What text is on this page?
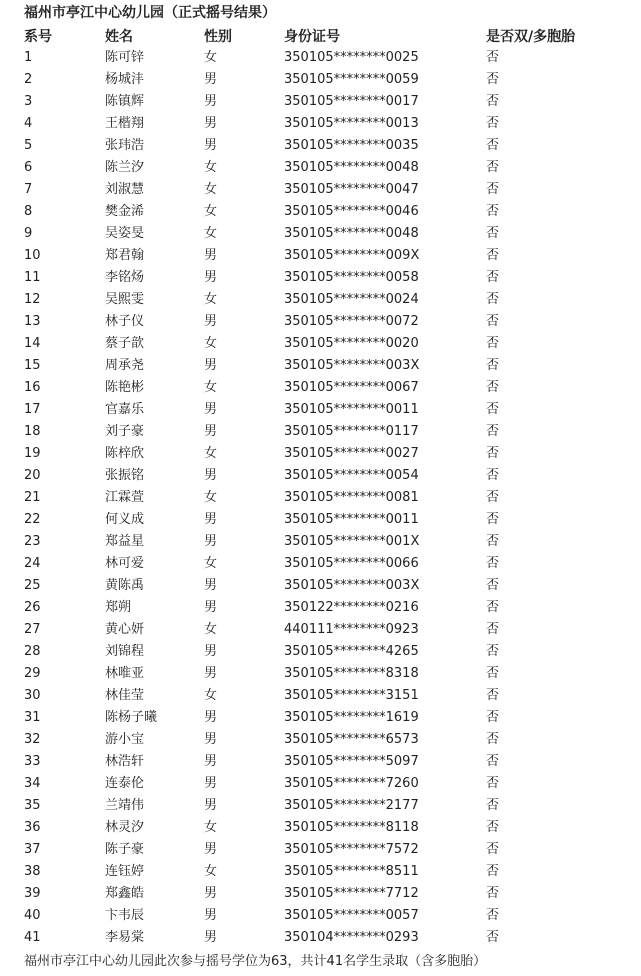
福州市亭江中心幼儿园（正式摇号结果）
系号	姓名	性别	身份证号	是否双/多胞胎
1	陈可锌	女	350105********0025	否
2	杨城沣	男	350105********0059	否
3	陈镇辉	男	350105********0017	否
4	王楷翔	男	350105********0013	否
5	张玮浩	男	350105********0035	否
6	陈兰汐	女	350105********0048	否
7	刘淑慧	女	350105********0047	否
8	樊金浠	女	350105********0046	否
9	吴姿旻	女	350105********0048	否
10	郑君翰	男	350105********009X	否
11	李铭炀	男	350105********0058	否
12	吴熙雯	女	350105********0024	否
13	林子仪	男	350105********0072	否
14	蔡子歆	女	350105********0020	否
15	周承尧	男	350105********003X	否
16	陈艳彬	女	350105********0067	否
17	官嘉乐	男	350105********0011	否
18	刘子豪	男	350105********0117	否
19	陈梓欣	女	350105********0027	否
20	张振铭	男	350105********0054	否
21	江霖萱	女	350105********0081	否
22	何义成	男	350105********0011	否
23	郑益星	男	350105********001X	否
24	林可爱	女	350105********0066	否
25	黄陈禹	男	350105********003X	否
26	郑朔	男	350122********0216	否
27	黄心妍	女	440111********0923	否
28	刘锦程	男	350105********4265	否
29	林唯亚	男	350105********8318	否
30	林佳莹	女	350105********3151	否
31	陈杨子曦	男	350105********1619	否
32	游小宝	男	350105********6573	否
33	林浩轩	男	350105********5097	否
34	连泰伦	男	350105********7260	否
35	兰靖伟	男	350105********2177	否
36	林灵汐	女	350105********8118	否
37	陈子豪	男	350105********7572	否
38	连钰婷	女	350105********8511	否
39	郑鑫皓	男	350105********7712	否
40	卞韦辰	男	350105********0057	否
41	李易棠	男	350104********0293	否
福州市亭江中心幼儿园此次参与摇号学位为63，共计41名学生录取（含多胞胎）
